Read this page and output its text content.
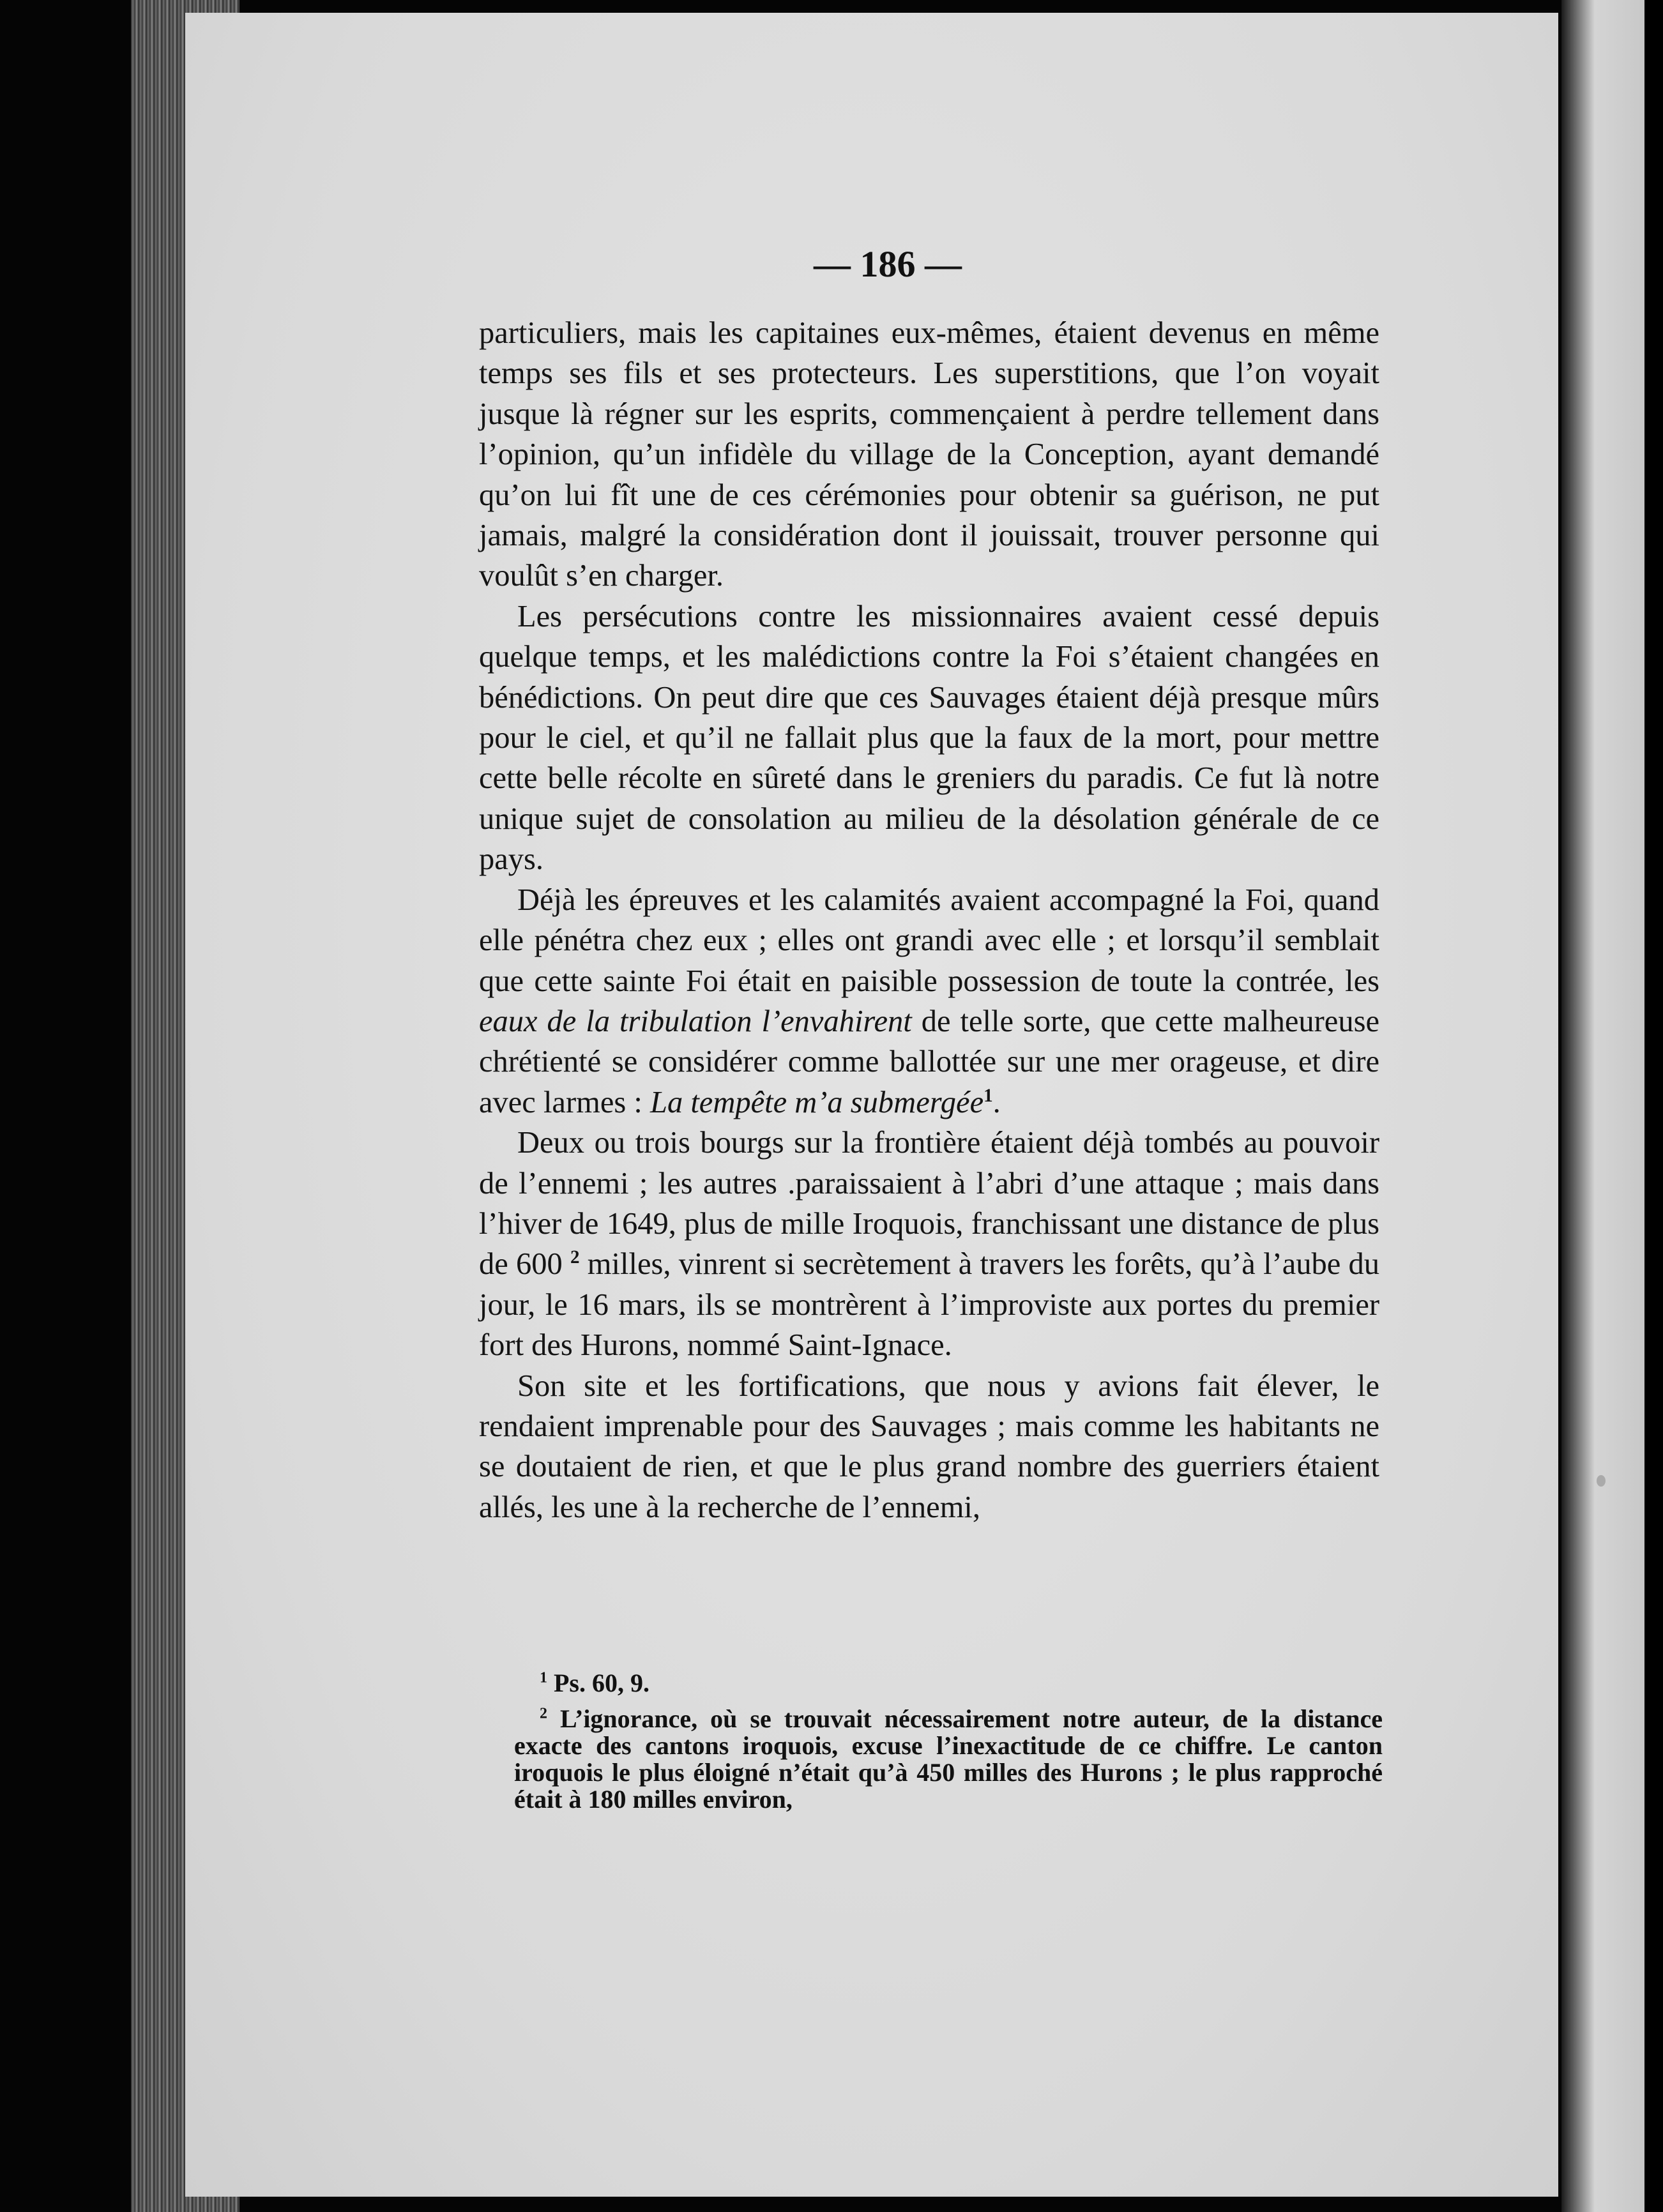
— 186 —

particuliers, mais les capitaines eux-mêmes, étaient devenus en même temps ses fils et ses protecteurs. Les superstitions, que l’on voyait jusque là régner sur les esprits, commençaient à perdre tellement dans l’opinion, qu’un infidèle du village de la Conception, ayant demandé qu’on lui fît une de ces cérémonies pour obtenir sa guérison, ne put jamais, malgré la considération dont il jouissait, trouver personne qui voulût s’en charger.

Les persécutions contre les missionnaires avaient cessé depuis quelque temps, et les malédictions contre la Foi s’étaient changées en bénédictions. On peut dire que ces Sauvages étaient déjà presque mûrs pour le ciel, et qu’il ne fallait plus que la faux de la mort, pour mettre cette belle récolte en sûreté dans le greniers du paradis. Ce fut là notre unique sujet de consolation au milieu de la désolation générale de ce pays.

Déjà les épreuves et les calamités avaient accompagné la Foi, quand elle pénétra chez eux ; elles ont grandi avec elle ; et lorsqu’il semblait que cette sainte Foi était en paisible possession de toute la contrée, les eaux de la tribulation l’envahirent de telle sorte, que cette malheureuse chrétienté se considérer comme ballottée sur une mer orageuse, et dire avec larmes : La tempête m’a submergée$^1$.

Deux ou trois bourgs sur la frontière étaient déjà tombés au pouvoir de l’ennemi ; les autres .paraissaient à l’abri d’une attaque ; mais dans l’hiver de 1649, plus de mille Iroquois, franchissant une distance de plus de 600 $^2$ milles, vinrent si secrètement à travers les forêts, qu’à l’aube du jour, le 16 mars, ils se montrèrent à l’improviste aux portes du premier fort des Hurons, nommé Saint-Ignace.

Son site et les fortifications, que nous y avions fait élever, le rendaient imprenable pour des Sauvages ; mais comme les habitants ne se doutaient de rien, et que le plus grand nombre des guerriers étaient allés, les une à la recherche de l’ennemi,

$^1$ Ps. 60, 9.

$^2$ L’ignorance, où se trouvait nécessairement notre auteur, de la distance exacte des cantons iroquois, excuse l’inexactitude de ce chiffre. Le canton iroquois le plus éloigné n’était qu’à 450 milles des Hurons ; le plus rapproché était à 180 milles environ,
